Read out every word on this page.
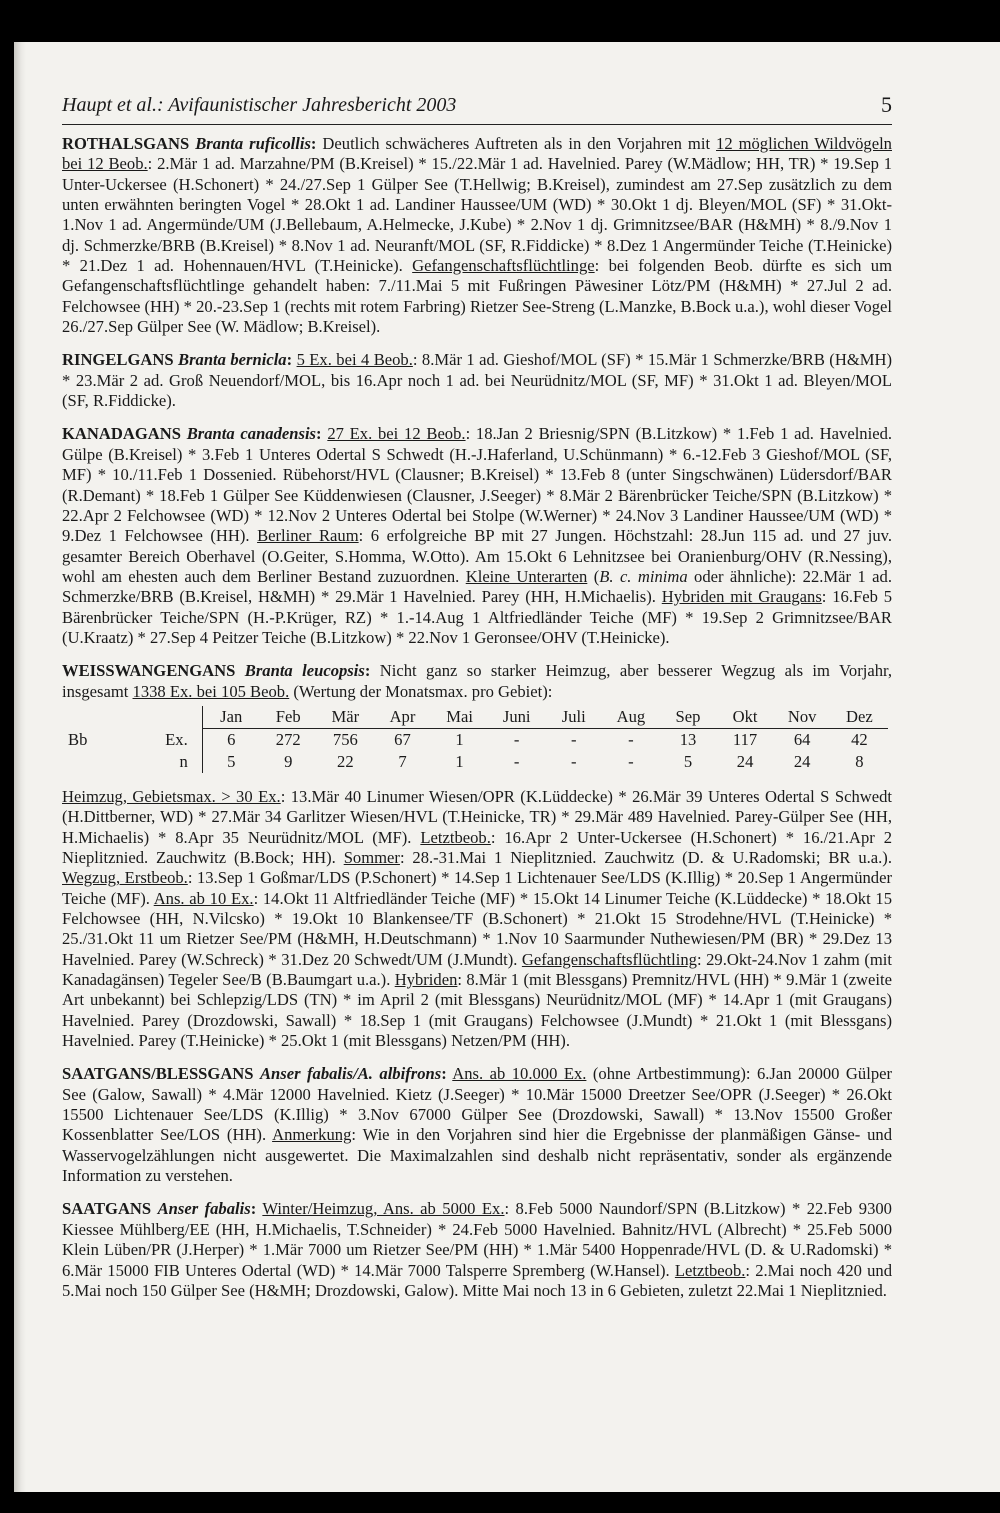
Haupt et al.: Avifaunistischer Jahresbericht 2003	5

ROTHALSGANS Branta ruficollis: Deutlich schwächeres Auftreten als in den Vorjahren mit 12 möglichen Wildvögeln bei 12 Beob.: 2.Mär 1 ad. Marzahne/PM (B.Kreisel) * 15./22.Mär 1 ad. Havelnied. Parey (W.Mädlow; HH, TR) * 19.Sep 1 Unter-Uckersee (H.Schonert) * 24./27.Sep 1 Gülper See (T.Hellwig; B.Kreisel), zumindest am 27.Sep zusätzlich zu dem unten erwähnten beringten Vogel * 28.Okt 1 ad. Landiner Haussee/UM (WD) * 30.Okt 1 dj. Bleyen/MOL (SF) * 31.Okt-1.Nov 1 ad. Angermünde/UM (J.Bellebaum, A.Helmecke, J.Kube) * 2.Nov 1 dj. Grimnitzsee/BAR (H&MH) * 8./9.Nov 1 dj. Schmerzke/BRB (B.Kreisel) * 8.Nov 1 ad. Neuranft/MOL (SF, R.Fiddicke) * 8.Dez 1 Angermünder Teiche (T.Heinicke) * 21.Dez 1 ad. Hohennauen/HVL (T.Heinicke). Gefangenschaftsflüchtlinge: bei folgenden Beob. dürfte es sich um Gefangenschaftsflüchtlinge gehandelt haben: 7./11.Mai 5 mit Fußringen Päwesiner Lötz/PM (H&MH) * 27.Jul 2 ad. Felchowsee (HH) * 20.-23.Sep 1 (rechts mit rotem Farbring) Rietzer See-Streng (L.Manzke, B.Bock u.a.), wohl dieser Vogel 26./27.Sep Gülper See (W. Mädlow; B.Kreisel).

RINGELGANS Branta bernicla: 5 Ex. bei 4 Beob.: 8.Mär 1 ad. Gieshof/MOL (SF) * 15.Mär 1 Schmerzke/BRB (H&MH) * 23.Mär 2 ad. Groß Neuendorf/MOL, bis 16.Apr noch 1 ad. bei Neurüdnitz/MOL (SF, MF) * 31.Okt 1 ad. Bleyen/MOL (SF, R.Fiddicke).

KANADAGANS Branta canadensis: 27 Ex. bei 12 Beob.: 18.Jan 2 Briesnig/SPN (B.Litzkow) * 1.Feb 1 ad. Havelnied. Gülpe (B.Kreisel) * 3.Feb 1 Unteres Odertal S Schwedt (H.-J.Haferland, U.Schünmann) * 6.-12.Feb 3 Gieshof/MOL (SF, MF) * 10./11.Feb 1 Dossenied. Rübehorst/HVL (Clausner; B.Kreisel) * 13.Feb 8 (unter Singschwänen) Lüdersdorf/BAR (R.Demant) * 18.Feb 1 Gülper See Küddenwiesen (Clausner, J.Seeger) * 8.Mär 2 Bärenbrücker Teiche/SPN (B.Litzkow) * 22.Apr 2 Felchowsee (WD) * 12.Nov 2 Unteres Odertal bei Stolpe (W.Werner) * 24.Nov 3 Landiner Haussee/UM (WD) * 9.Dez 1 Felchowsee (HH). Berliner Raum: 6 erfolgreiche BP mit 27 Jungen. Höchstzahl: 28.Jun 115 ad. und 27 juv. gesamter Bereich Oberhavel (O.Geiter, S.Homma, W.Otto). Am 15.Okt 6 Lehnitzsee bei Oranienburg/OHV (R.Nessing), wohl am ehesten auch dem Berliner Bestand zuzuordnen. Kleine Unterarten (B. c. minima oder ähnliche): 22.Mär 1 ad. Schmerzke/BRB (B.Kreisel, H&MH) * 29.Mär 1 Havelnied. Parey (HH, H.Michaelis). Hybriden mit Graugans: 16.Feb 5 Bärenbrücker Teiche/SPN (H.-P.Krüger, RZ) * 1.-14.Aug 1 Altfriedländer Teiche (MF) * 19.Sep 2 Grimnitzsee/BAR (U.Kraatz) * 27.Sep 4 Peitzer Teiche (B.Litzkow) * 22.Nov 1 Geronsee/OHV (T.Heinicke).

WEISSWANGENGANS Branta leucopsis: Nicht ganz so starker Heimzug, aber besserer Wegzug als im Vorjahr, insgesamt 1338 Ex. bei 105 Beob. (Wertung der Monatsmax. pro Gebiet):

		Jan	Feb	Mär	Apr	Mai	Juni	Juli	Aug	Sep	Okt	Nov	Dez
Bb	Ex.	6	272	756	67	1	-	-	-	13	117	64	42
	n	5	9	22	7	1	-	-	-	5	24	24	8

Heimzug, Gebietsmax. > 30 Ex.: 13.Mär 40 Linumer Wiesen/OPR (K.Lüddecke) * 26.Mär 39 Unteres Odertal S Schwedt (H.Dittberner, WD) * 27.Mär 34 Garlitzer Wiesen/HVL (T.Heinicke, TR) * 29.Mär 489 Havelnied. Parey-Gülper See (HH, H.Michaelis) * 8.Apr 35 Neurüdnitz/MOL (MF). Letztbeob.: 16.Apr 2 Unter-Uckersee (H.Schonert) * 16./21.Apr 2 Nieplitznied. Zauchwitz (B.Bock; HH). Sommer: 28.-31.Mai 1 Nieplitznied. Zauchwitz (D. & U.Radomski; BR u.a.). Wegzug, Erstbeob.: 13.Sep 1 Goßmar/LDS (P.Schonert) * 14.Sep 1 Lichtenauer See/LDS (K.Illig) * 20.Sep 1 Angermünder Teiche (MF). Ans. ab 10 Ex.: 14.Okt 11 Altfriedländer Teiche (MF) * 15.Okt 14 Linumer Teiche (K.Lüddecke) * 18.Okt 15 Felchowsee (HH, N.Vilcsko) * 19.Okt 10 Blankensee/TF (B.Schonert) * 21.Okt 15 Strodehne/HVL (T.Heinicke) * 25./31.Okt 11 um Rietzer See/PM (H&MH, H.Deutschmann) * 1.Nov 10 Saarmunder Nuthewiesen/PM (BR) * 29.Dez 13 Havelnied. Parey (W.Schreck) * 31.Dez 20 Schwedt/UM (J.Mundt). Gefangenschaftsflüchtling: 29.Okt-24.Nov 1 zahm (mit Kanadagänsen) Tegeler See/B (B.Baumgart u.a.). Hybriden: 8.Mär 1 (mit Blessgans) Premnitz/HVL (HH) * 9.Mär 1 (zweite Art unbekannt) bei Schlepzig/LDS (TN) * im April 2 (mit Blessgans) Neurüdnitz/MOL (MF) * 14.Apr 1 (mit Graugans) Havelnied. Parey (Drozdowski, Sawall) * 18.Sep 1 (mit Graugans) Felchowsee (J.Mundt) * 21.Okt 1 (mit Blessgans) Havelnied. Parey (T.Heinicke) * 25.Okt 1 (mit Blessgans) Netzen/PM (HH).

SAATGANS/BLESSGANS Anser fabalis/A. albifrons: Ans. ab 10.000 Ex. (ohne Artbestimmung): 6.Jan 20000 Gülper See (Galow, Sawall) * 4.Mär 12000 Havelnied. Kietz (J.Seeger) * 10.Mär 15000 Dreetzer See/OPR (J.Seeger) * 26.Okt 15500 Lichtenauer See/LDS (K.Illig) * 3.Nov 67000 Gülper See (Drozdowski, Sawall) * 13.Nov 15500 Großer Kossenblatter See/LOS (HH). Anmerkung: Wie in den Vorjahren sind hier die Ergebnisse der planmäßigen Gänse- und Wasservogelzählungen nicht ausgewertet. Die Maximalzahlen sind deshalb nicht repräsentativ, sonder als ergänzende Information zu verstehen.

SAATGANS Anser fabalis: Winter/Heimzug, Ans. ab 5000 Ex.: 8.Feb 5000 Naundorf/SPN (B.Litzkow) * 22.Feb 9300 Kiessee Mühlberg/EE (HH, H.Michaelis, T.Schneider) * 24.Feb 5000 Havelnied. Bahnitz/HVL (Albrecht) * 25.Feb 5000 Klein Lüben/PR (J.Herper) * 1.Mär 7000 um Rietzer See/PM (HH) * 1.Mär 5400 Hoppenrade/HVL (D. & U.Radomski) * 6.Mär 15000 FIB Unteres Odertal (WD) * 14.Mär 7000 Talsperre Spremberg (W.Hansel). Letztbeob.: 2.Mai noch 420 und 5.Mai noch 150 Gülper See (H&MH; Drozdowski, Galow). Mitte Mai noch 13 in 6 Gebieten, zuletzt 22.Mai 1 Nieplitznied.
